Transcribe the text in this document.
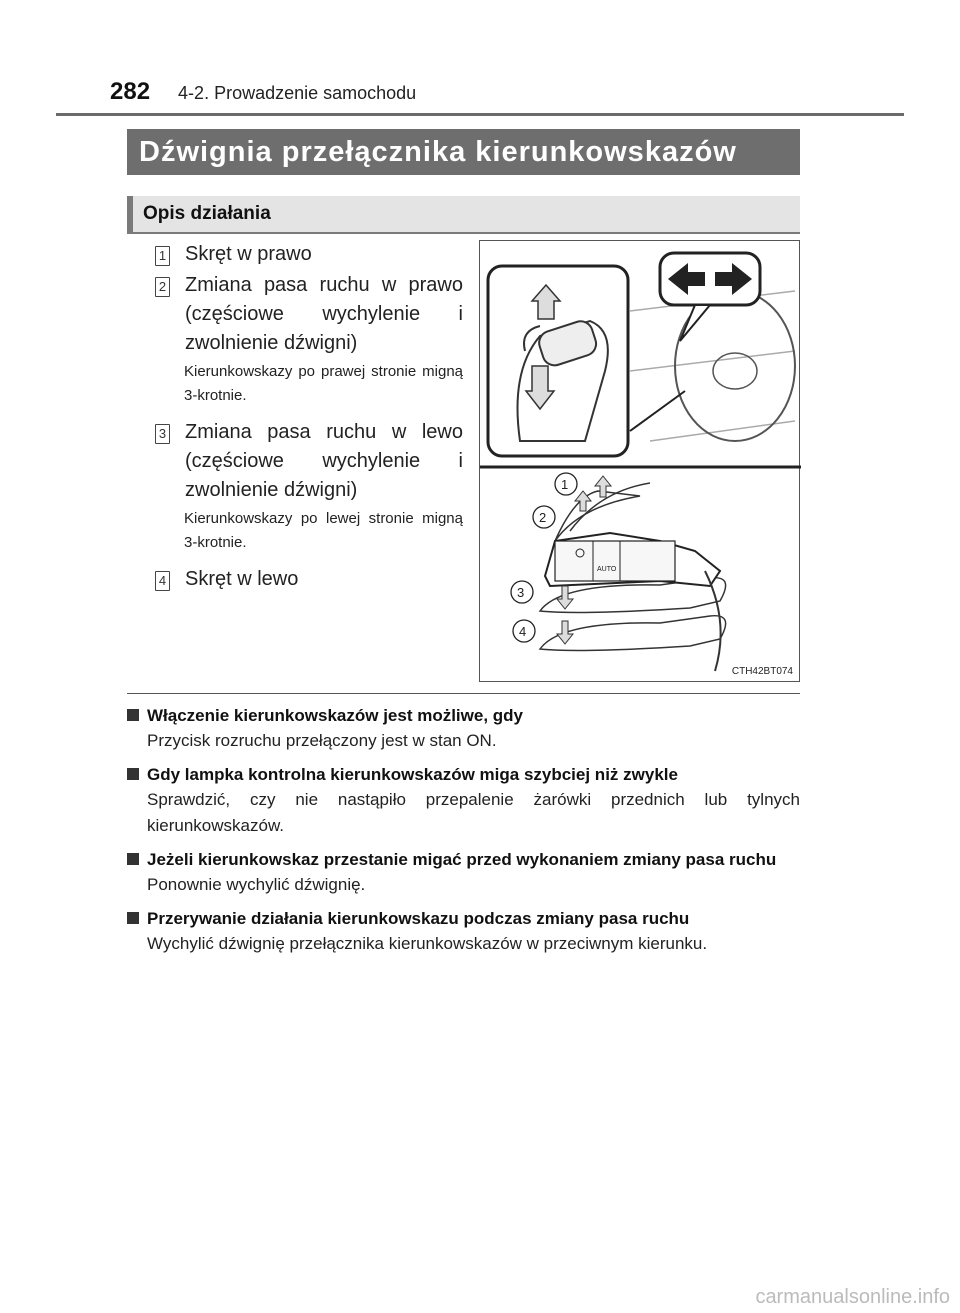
282 4-2. Prowadzenie samochodu
Dźwignia przełącznika kierunkowskazów
Opis działania
1 Skręt w prawo
2 Zmiana pasa ruchu w prawo (częściowe wychylenie i zwolnienie dźwigni)
Kierunkowskazy po prawej stronie migną 3-krotnie.
3 Zmiana pasa ruchu w lewo (częściowe wychylenie i zwolnienie dźwigni)
Kierunkowskazy po lewej stronie migną 3-krotnie.
4 Skręt w lewo	AUTO
1
2
3
4
CTH42BT074
Włączenie kierunkowskazów jest możliwe, gdy
Przycisk rozruchu przełączony jest w stan ON.
Gdy lampka kontrolna kierunkowskazów miga szybciej niż zwykle
Sprawdzić, czy nie nastąpiło przepalenie żarówki przednich lub tylnych kierunkowskazów.
Jeżeli kierunkowskaz przestanie migać przed wykonaniem zmiany pasa ruchu
Ponownie wychylić dźwignię.
Przerywanie działania kierunkowskazu podczas zmiany pasa ruchu
Wychylić dźwignię przełącznika kierunkowskazów w przeciwnym kierunku.
carmanualsonline.info
